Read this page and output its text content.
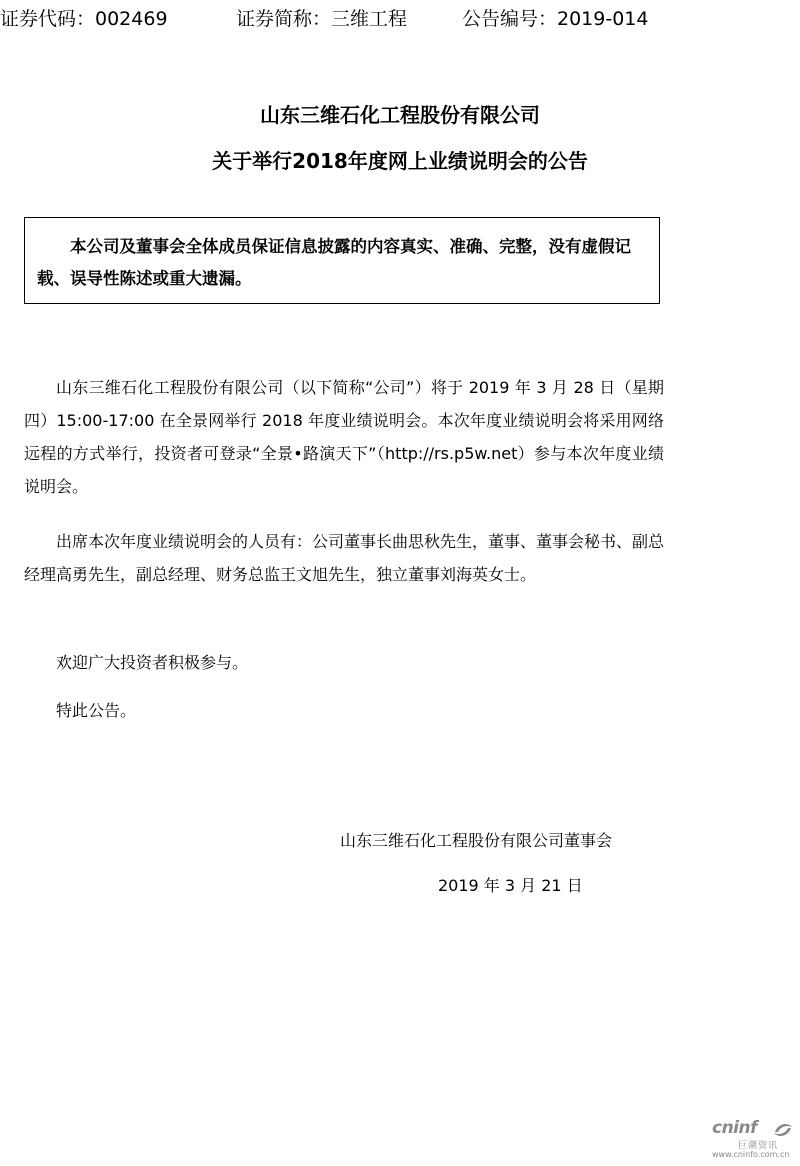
证券代码：002469	证券简称：三维工程	公告编号：2019-014
山东三维石化工程股份有限公司
关于举行2018年度网上业绩说明会的公告

本公司及董事会全体成员保证信息披露的内容真实、准确、完整，没有虚假记载、误导性陈述或重大遗漏。

山东三维石化工程股份有限公司（以下简称“公司”）将于 2019 年 3 月 28 日（星期四）15:00-17:00 在全景网举行 2018 年度业绩说明会。本次年度业绩说明会将采用网络远程的方式举行，投资者可登录“全景•路演天下”（http://rs.p5w.net）参与本次年度业绩说明会。

出席本次年度业绩说明会的人员有：公司董事长曲思秋先生，董事、董事会秘书、副总经理高勇先生，副总经理、财务总监王文旭先生，独立董事刘海英女士。

欢迎广大投资者积极参与。

特此公告。

山东三维石化工程股份有限公司董事会
2019 年 3 月 21 日
cninf
巨潮资讯
www.cninfo.com.cn
